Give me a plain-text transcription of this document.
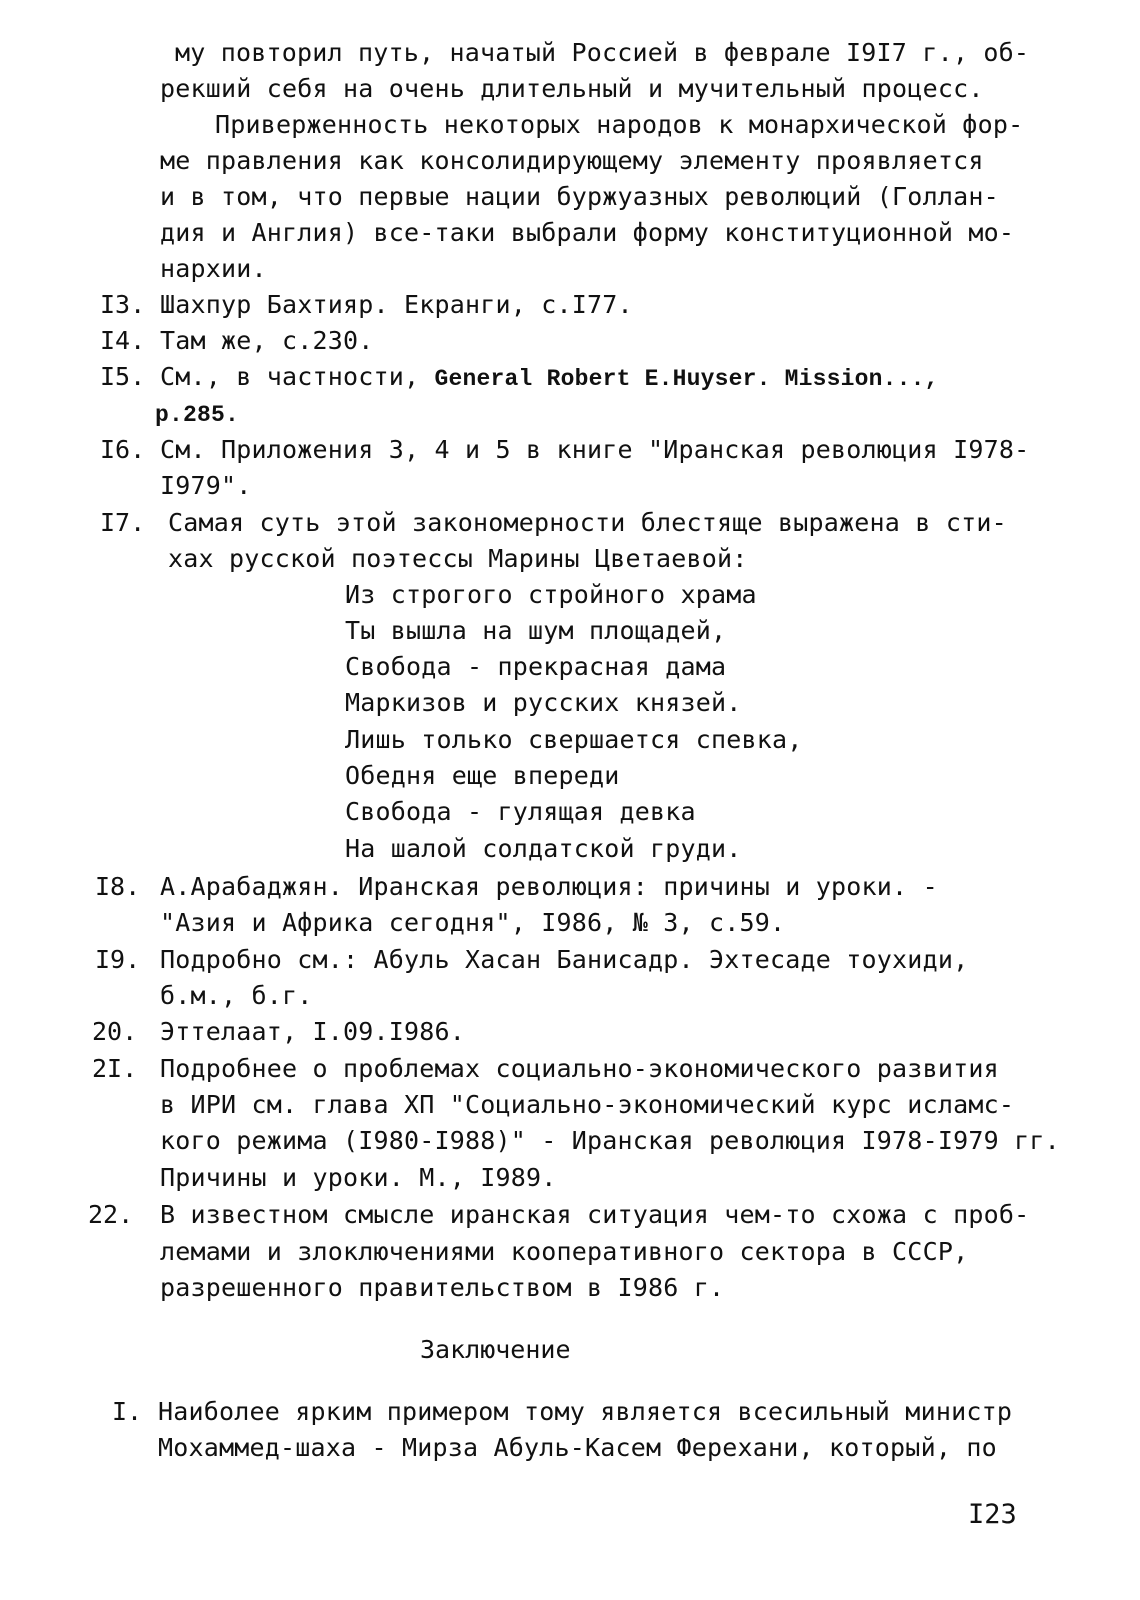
му повторил путь, начатый Россией в феврале I9I7 г., об-
рекший себя на очень длительный и мучительный процесс.
Приверженность некоторых народов к монархической фор-
ме правления как консолидирующему элементу проявляется
и в том, что первые нации буржуазных революций (Голлан-
дия и Англия) все-таки выбрали форму конституционной мо-
нархии.
I3. Шахпур Бахтияр. Екранги, с.I77.
I4. Там же, с.230.
I5. См., в частности, General Robert E.Huyser. Mission...,
p.285.
I6. См. Приложения 3, 4 и 5 в книге "Иранская революция I978-
I979".
I7. Самая суть этой закономерности блестяще выражена в сти-
хах русской поэтессы Марины Цветаевой:
Из строгого стройного храма
Ты вышла на шум площадей,
Свобода - прекрасная дама
Маркизов и русских князей.
Лишь только свершается спевка,
Обедня еще впереди
Свобода - гулящая девка
На шалой солдатской груди.
I8. А.Арабаджян. Иранская революция: причины и уроки. -
"Азия и Африка сегодня", I986, № 3, с.59.
I9. Подробно см.: Абуль Хасан Банисадр. Эхтесаде тоухиди,
б.м., б.г.
20. Эттелаат, I.09.I986.
2I. Подробнее о проблемах социально-экономического развития
в ИРИ см. глава XП "Социально-экономический курс исламс-
кого режима (I980-I988)" - Иранская революция I978-I979 гг.
Причины и уроки. М., I989.
22. В известном смысле иранская ситуация чем-то схожа с проб-
лемами и злоключениями кооперативного сектора в СССР,
разрешенного правительством в I986 г.
Заключение
I. Наиболее ярким примером тому является всесильный министр
Мохаммед-шаха - Мирза Абуль-Касем Ферехани, который, по
I23
